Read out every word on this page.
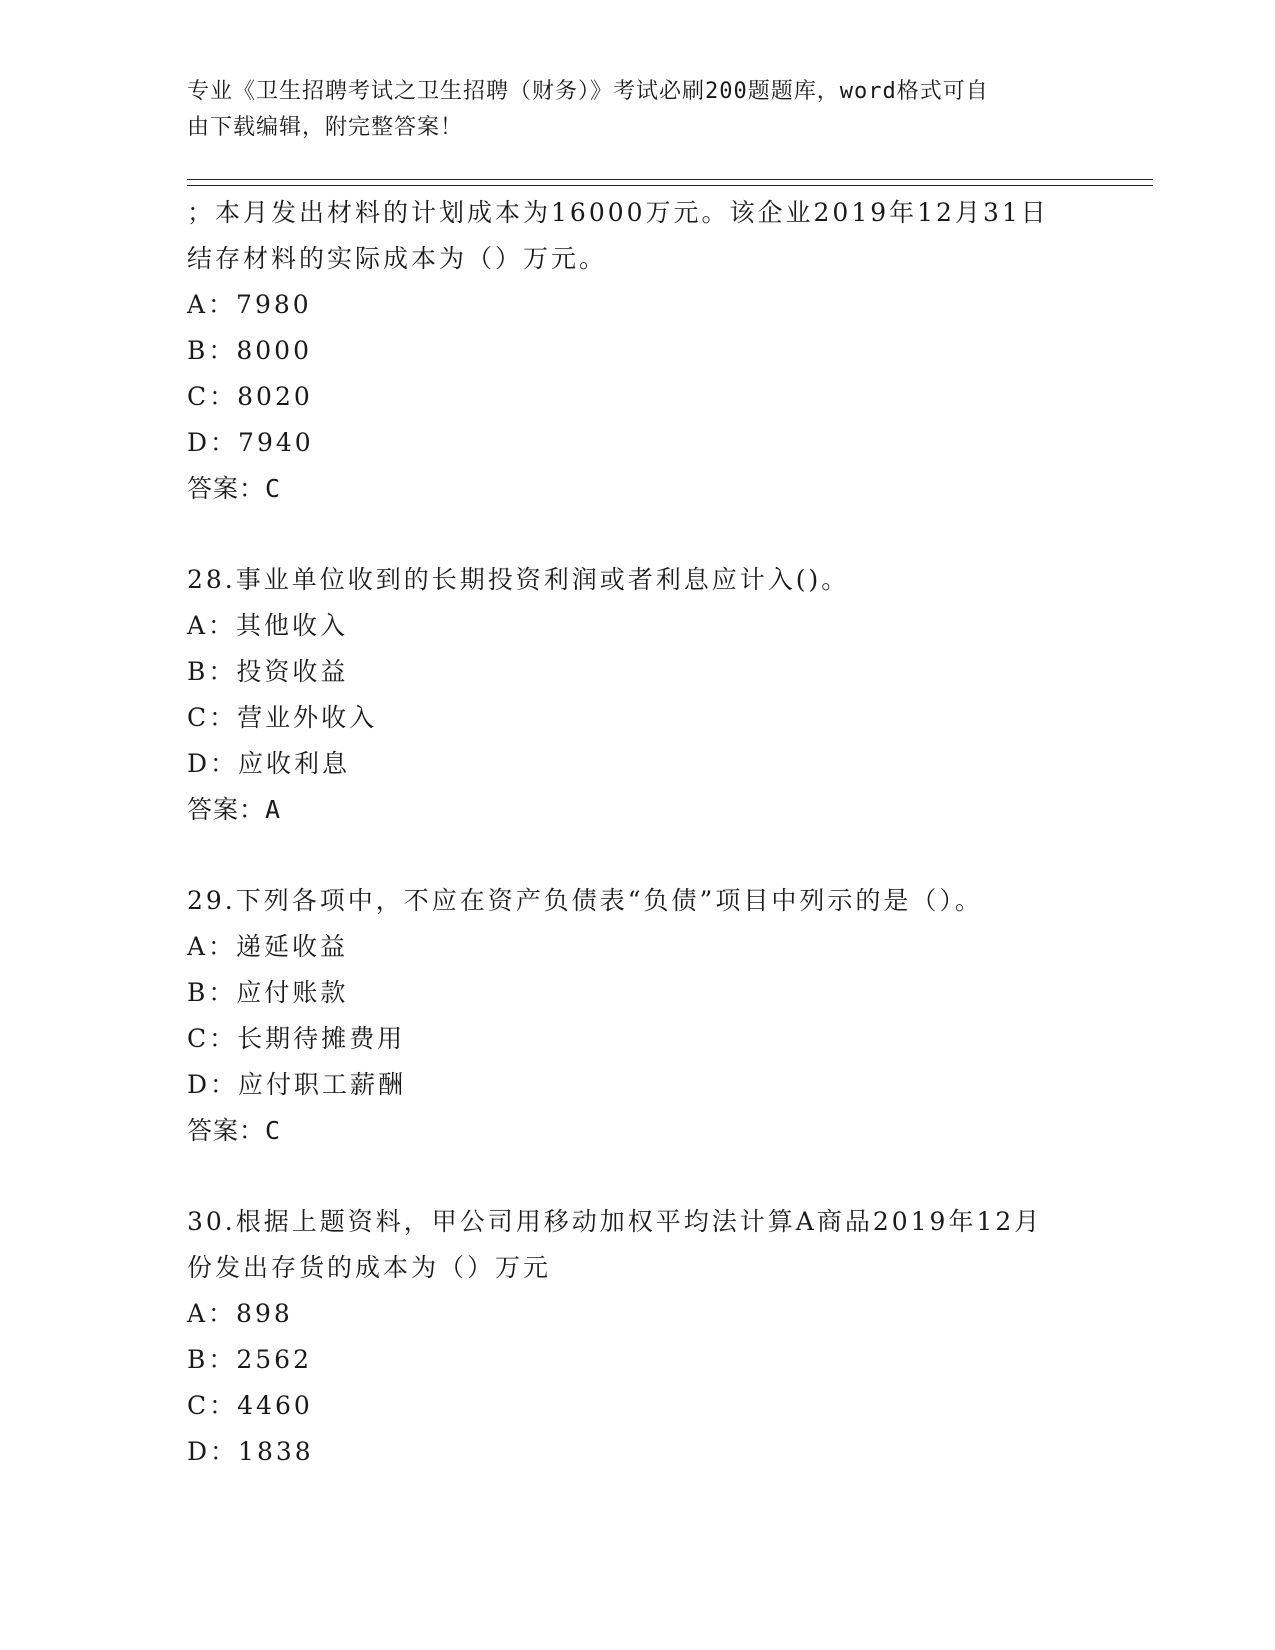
专业《卫生招聘考试之卫生招聘（财务）》考试必刷200题题库，word格式可自
由下载编辑，附完整答案！
；本月发出材料的计划成本为16000万元。该企业2019年12月31日
结存材料的实际成本为（）万元。
A：7980
B：8000
C：8020
D：7940
答案：C
28.事业单位收到的长期投资利润或者利息应计入()。
A：其他收入
B：投资收益
C：营业外收入
D：应收利息
答案：A
29.下列各项中，不应在资产负债表“负债”项目中列示的是（）。
A：递延收益
B：应付账款
C：长期待摊费用
D：应付职工薪酬
答案：C
30.根据上题资料，甲公司用移动加权平均法计算A商品2019年12月
份发出存货的成本为（）万元
A：898
B：2562
C：4460
D：1838
